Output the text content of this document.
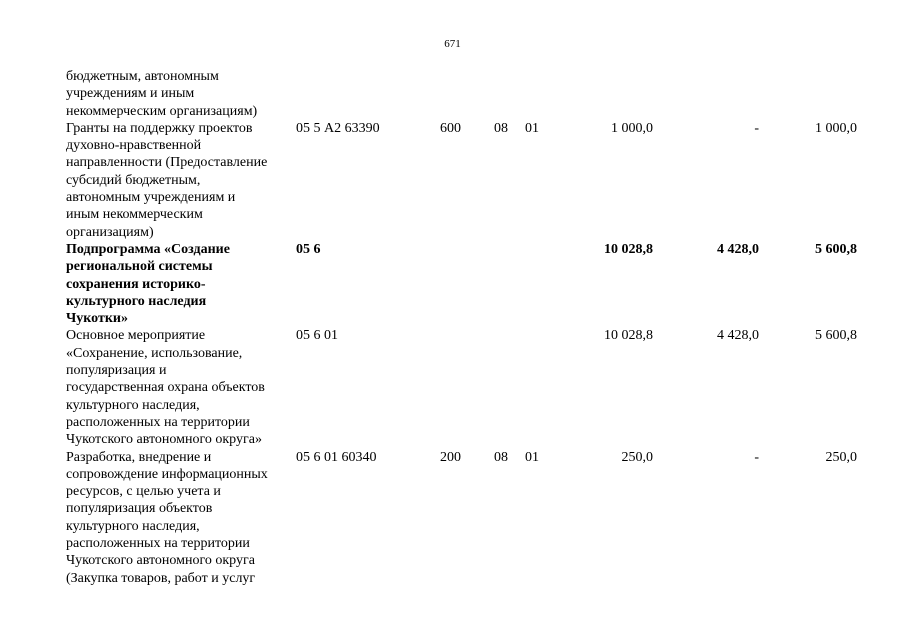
671
бюджетным, автономным
учреждениям и иным
некоммерческим организациям)
Гранты на поддержку проектов
духовно-нравственной
направленности (Предоставление
субсидий бюджетным,
автономным учреждениям и
иным некоммерческим
организациям)
05 5 А2 63390	600 08 01	1 000,0	-	1 000,0
Подпрограмма «Создание
региональной системы
сохранения историко-
культурного наследия
Чукотки»
05 6	10 028,8	4 428,0	5 600,8
Основное мероприятие
«Сохранение, использование,
популяризация и
государственная охрана объектов
культурного наследия,
расположенных на территории
Чукотского автономного округа»
05 6 01	10 028,8	4 428,0	5 600,8
Разработка, внедрение и
сопровождение информационных
ресурсов, с целью учета и
популяризация объектов
культурного наследия,
расположенных на территории
Чукотского автономного округа
(Закупка товаров, работ и услуг
05 6 01 60340	200 08 01	250,0	-	250,0
